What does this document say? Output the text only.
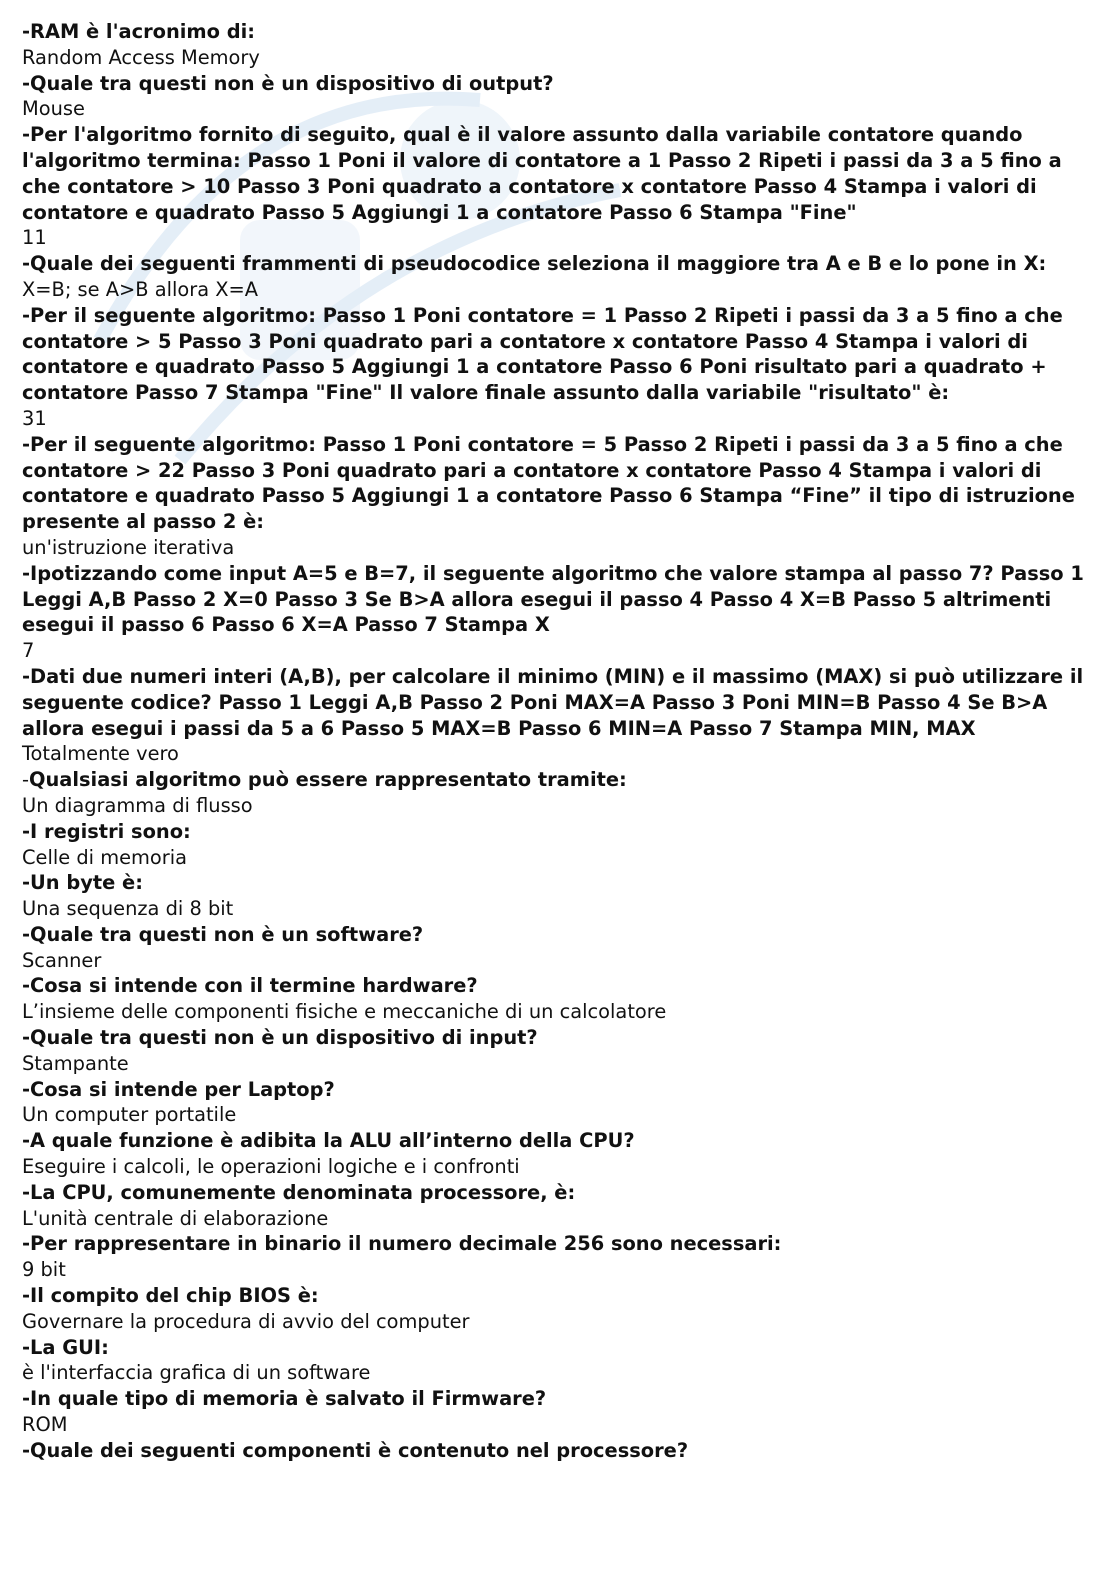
-RAM è l'acronimo di:

Random Access Memory

-Quale tra questi non è un dispositivo di output?

Mouse

-Per l'algoritmo fornito di seguito, qual è il valore assunto dalla variabile contatore quando l'algoritmo termina: Passo 1 Poni il valore di contatore a 1 Passo 2 Ripeti i passi da 3 a 5 fino a che contatore > 10 Passo 3 Poni quadrato a contatore x contatore Passo 4 Stampa i valori di contatore e quadrato Passo 5 Aggiungi 1 a contatore Passo 6 Stampa "Fine"

11

-Quale dei seguenti frammenti di pseudocodice seleziona il maggiore tra A e B e lo pone in X:

X=B; se A>B allora X=A

-Per il seguente algoritmo: Passo 1 Poni contatore = 1 Passo 2 Ripeti i passi da 3 a 5 fino a che contatore > 5 Passo 3 Poni quadrato pari a contatore x contatore Passo 4 Stampa i valori di contatore e quadrato Passo 5 Aggiungi 1 a contatore Passo 6 Poni risultato pari a quadrato + contatore Passo 7 Stampa "Fine" Il valore finale assunto dalla variabile "risultato" è:

31

-Per il seguente algoritmo: Passo 1 Poni contatore = 5 Passo 2 Ripeti i passi da 3 a 5 fino a che contatore > 22 Passo 3 Poni quadrato pari a contatore x contatore Passo 4 Stampa i valori di contatore e quadrato Passo 5 Aggiungi 1 a contatore Passo 6 Stampa “Fine” il tipo di istruzione presente al passo 2 è:

un'istruzione iterativa

-Ipotizzando come input A=5 e B=7, il seguente algoritmo che valore stampa al passo 7? Passo 1 Leggi A,B Passo 2 X=0 Passo 3 Se B>A allora esegui il passo 4 Passo 4 X=B Passo 5 altrimenti esegui il passo 6 Passo 6 X=A Passo 7 Stampa X

7

-Dati due numeri interi (A,B), per calcolare il minimo (MIN) e il massimo (MAX) si può utilizzare il seguente codice? Passo 1 Leggi A,B Passo 2 Poni MAX=A Passo 3 Poni MIN=B Passo 4 Se B>A allora esegui i passi da 5 a 6 Passo 5 MAX=B Passo 6 MIN=A Passo 7 Stampa MIN, MAX

Totalmente vero

-Qualsiasi algoritmo può essere rappresentato tramite:

Un diagramma di flusso

-I registri sono:

Celle di memoria

-Un byte è:

Una sequenza di 8 bit

-Quale tra questi non è un software?

Scanner

-Cosa si intende con il termine hardware?

L’insieme delle componenti fisiche e meccaniche di un calcolatore

-Quale tra questi non è un dispositivo di input?

Stampante

-Cosa si intende per Laptop?

Un computer portatile

-A quale funzione è adibita la ALU all’interno della CPU?

Eseguire i calcoli, le operazioni logiche e i confronti

-La CPU, comunemente denominata processore, è:

L'unità centrale di elaborazione

-Per rappresentare in binario il numero decimale 256 sono necessari:

9 bit

-Il compito del chip BIOS è:

Governare la procedura di avvio del computer

-La GUI:

è l'interfaccia grafica di un software

-In quale tipo di memoria è salvato il Firmware?

ROM

-Quale dei seguenti componenti è contenuto nel processore?
